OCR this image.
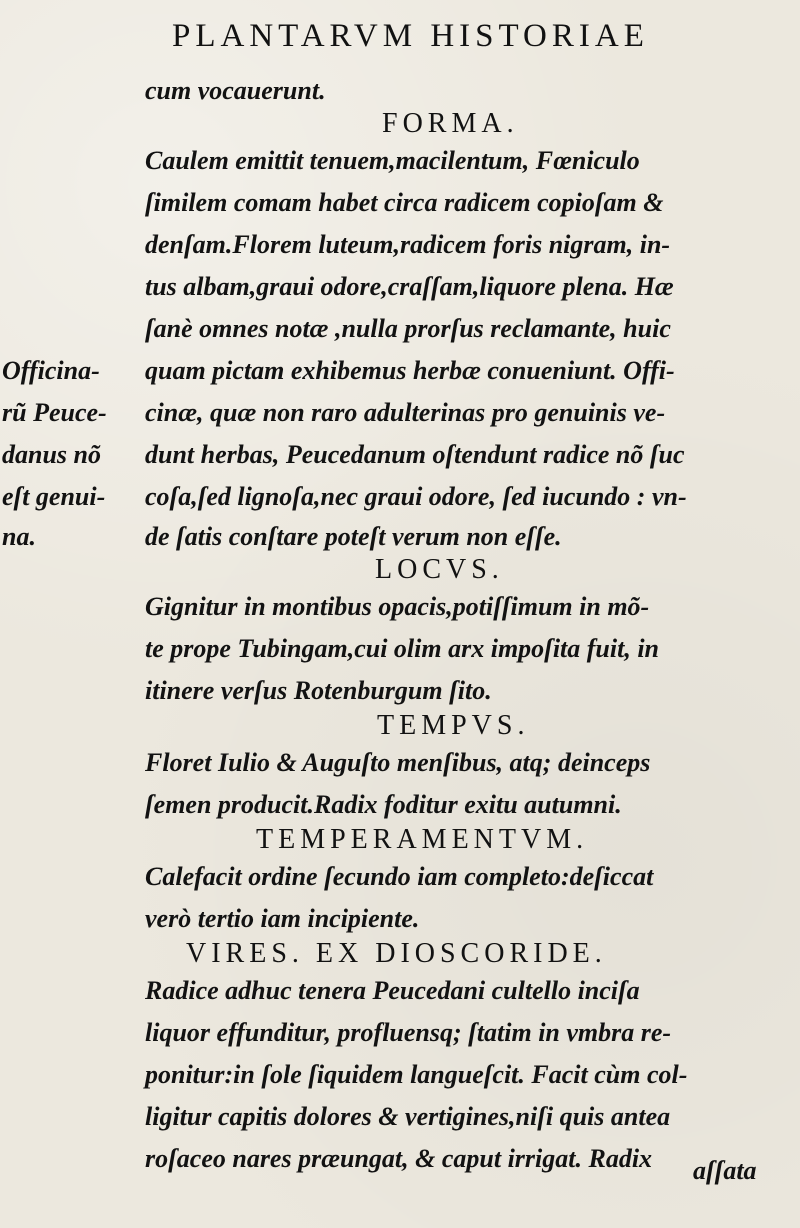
PLANTARVM HISTORIAE
cum vocauerunt.
FORMA.
Caulem emittit tenuem,macilentum, Fœniculo
ſimilem comam habet circa radicem copioſam &
denſam.Florem luteum,radicem foris nigram, in-
tus albam,graui odore,craſſam,liquore plena. Hæ
ſanè omnes notæ ,nulla prorſus reclamante, huic
quam pictam exhibemus herbæ conueniunt. Offi-
cinæ, quæ non raro adulterinas pro genuinis ve-
dunt herbas, Peucedanum oſtendunt radice nõ ſuc
coſa,ſed lignoſa,nec graui odore, ſed iucundo : vn-
de ſatis conſtare poteſt verum non eſſe.
Officina-
rũ Peuce-
danus nõ
eſt genui-
na.
LOCVS.
Gignitur in montibus opacis,potiſſimum in mõ-
te prope Tubingam,cui olim arx impoſita fuit, in
itinere verſus Rotenburgum ſito.
TEMPVS.
Floret Iulio & Auguſto menſibus, atq; deinceps
ſemen producit.Radix foditur exitu autumni.
TEMPERAMENTVM.
Calefacit ordine ſecundo iam completo:deſiccat
verò tertio iam incipiente.
VIRES. EX DIOSCORIDE.
Radice adhuc tenera Peucedani cultello inciſa
liquor effunditur, profluensq; ſtatim in vmbra re-
ponitur:in ſole ſiquidem langueſcit. Facit cùm col-
ligitur capitis dolores & vertigines,niſi quis antea
roſaceo nares præungat, & caput irrigat. Radix	aſſata
